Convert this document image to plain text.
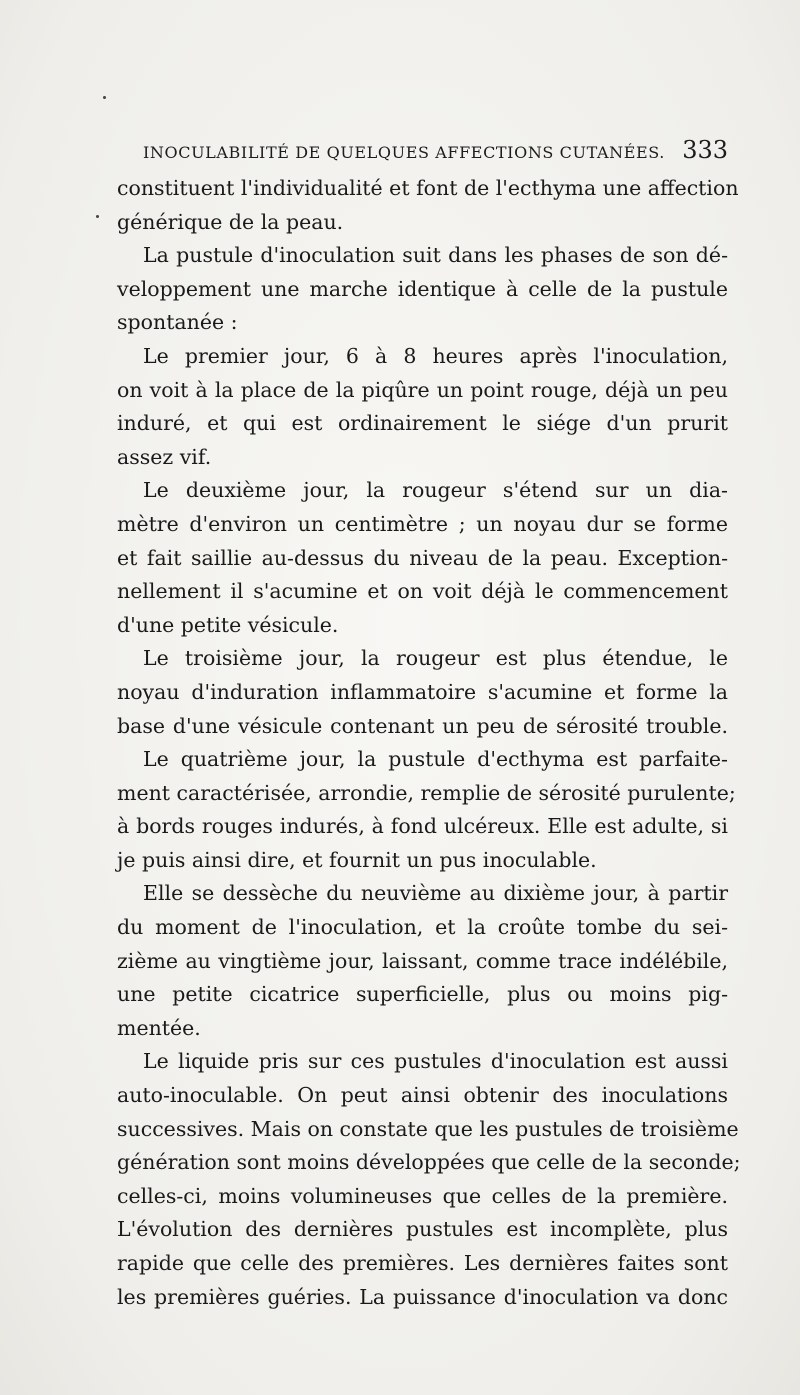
INOCULABILITÉ DE QUELQUES AFFECTIONS CUTANÉES. 333
constituent l'individualité et font de l'ecthyma une affection
générique de la peau.
La pustule d'inoculation suit dans les phases de son dé-
veloppement une marche identique à celle de la pustule
spontanée :
Le premier jour, 6 à 8 heures après l'inoculation,
on voit à la place de la piqûre un point rouge, déjà un peu
induré, et qui est ordinairement le siége d'un prurit
assez vif.
Le deuxième jour, la rougeur s'étend sur un dia-
mètre d'environ un centimètre ; un noyau dur se forme
et fait saillie au-dessus du niveau de la peau. Exception-
nellement il s'acumine et on voit déjà le commencement
d'une petite vésicule.
Le troisième jour, la rougeur est plus étendue, le
noyau d'induration inflammatoire s'acumine et forme la
base d'une vésicule contenant un peu de sérosité trouble.
Le quatrième jour, la pustule d'ecthyma est parfaite-
ment caractérisée, arrondie, remplie de sérosité purulente;
à bords rouges indurés, à fond ulcéreux. Elle est adulte, si
je puis ainsi dire, et fournit un pus inoculable.
Elle se dessèche du neuvième au dixième jour, à partir
du moment de l'inoculation, et la croûte tombe du sei-
zième au vingtième jour, laissant, comme trace indélébile,
une petite cicatrice superficielle, plus ou moins pig-
mentée.
Le liquide pris sur ces pustules d'inoculation est aussi
auto-inoculable. On peut ainsi obtenir des inoculations
successives. Mais on constate que les pustules de troisième
génération sont moins développées que celle de la seconde;
celles-ci, moins volumineuses que celles de la première.
L'évolution des dernières pustules est incomplète, plus
rapide que celle des premières. Les dernières faites sont
les premières guéries. La puissance d'inoculation va donc
